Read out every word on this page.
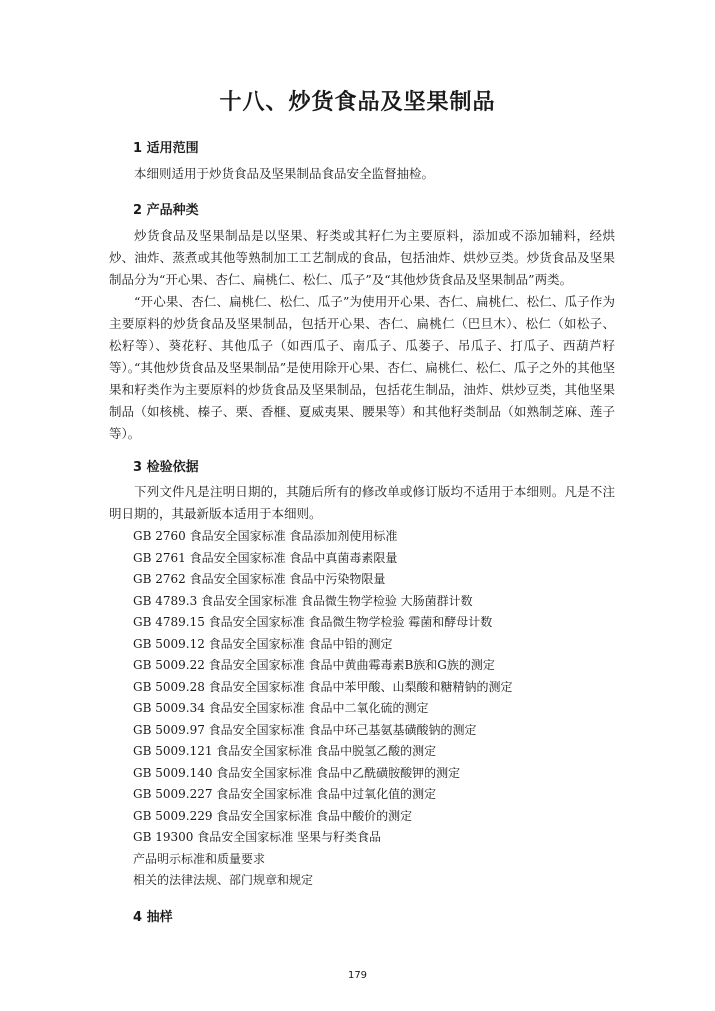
十八、炒货食品及坚果制品
1 适用范围
本细则适用于炒货食品及坚果制品食品安全监督抽检。
2 产品种类
炒货食品及坚果制品是以坚果、籽类或其籽仁为主要原料，添加或不添加辅料，经烘炒、油炸、蒸煮或其他等熟制加工工艺制成的食品，包括油炸、烘炒豆类。炒货食品及坚果制品分为“开心果、杏仁、扁桃仁、松仁、瓜子”及“其他炒货食品及坚果制品”两类。
“开心果、杏仁、扁桃仁、松仁、瓜子”为使用开心果、杏仁、扁桃仁、松仁、瓜子作为主要原料的炒货食品及坚果制品，包括开心果、杏仁、扁桃仁（巴旦木）、松仁（如松子、松籽等）、葵花籽、其他瓜子（如西瓜子、南瓜子、瓜蒌子、吊瓜子、打瓜子、西葫芦籽等）。
“其他炒货食品及坚果制品”是使用除开心果、杏仁、扁桃仁、松仁、瓜子之外的其他坚果和籽类作为主要原料的炒货食品及坚果制品，包括花生制品，油炸、烘炒豆类，其他坚果制品（如核桃、榛子、栗、香榧、夏威夷果、腰果等）和其他籽类制品（如熟制芝麻、莲子等）。
3 检验依据
下列文件凡是注明日期的，其随后所有的修改单或修订版均不适用于本细则。凡是不注明日期的，其最新版本适用于本细则。
GB 2760 食品安全国家标准 食品添加剂使用标准
GB 2761 食品安全国家标准 食品中真菌毒素限量
GB 2762 食品安全国家标准 食品中污染物限量
GB 4789.3 食品安全国家标准 食品微生物学检验 大肠菌群计数
GB 4789.15 食品安全国家标准 食品微生物学检验 霉菌和酵母计数
GB 5009.12 食品安全国家标准 食品中铅的测定
GB 5009.22 食品安全国家标准 食品中黄曲霉毒素B族和G族的测定
GB 5009.28 食品安全国家标准 食品中苯甲酸、山梨酸和糖精钠的测定
GB 5009.34 食品安全国家标准 食品中二氧化硫的测定
GB 5009.97 食品安全国家标准 食品中环己基氨基磺酸钠的测定
GB 5009.121 食品安全国家标准 食品中脱氢乙酸的测定
GB 5009.140 食品安全国家标准 食品中乙酰磺胺酸钾的测定
GB 5009.227 食品安全国家标准 食品中过氧化值的测定
GB 5009.229 食品安全国家标准 食品中酸价的测定
GB 19300 食品安全国家标准 坚果与籽类食品
产品明示标准和质量要求
相关的法律法规、部门规章和规定
4 抽样
179
